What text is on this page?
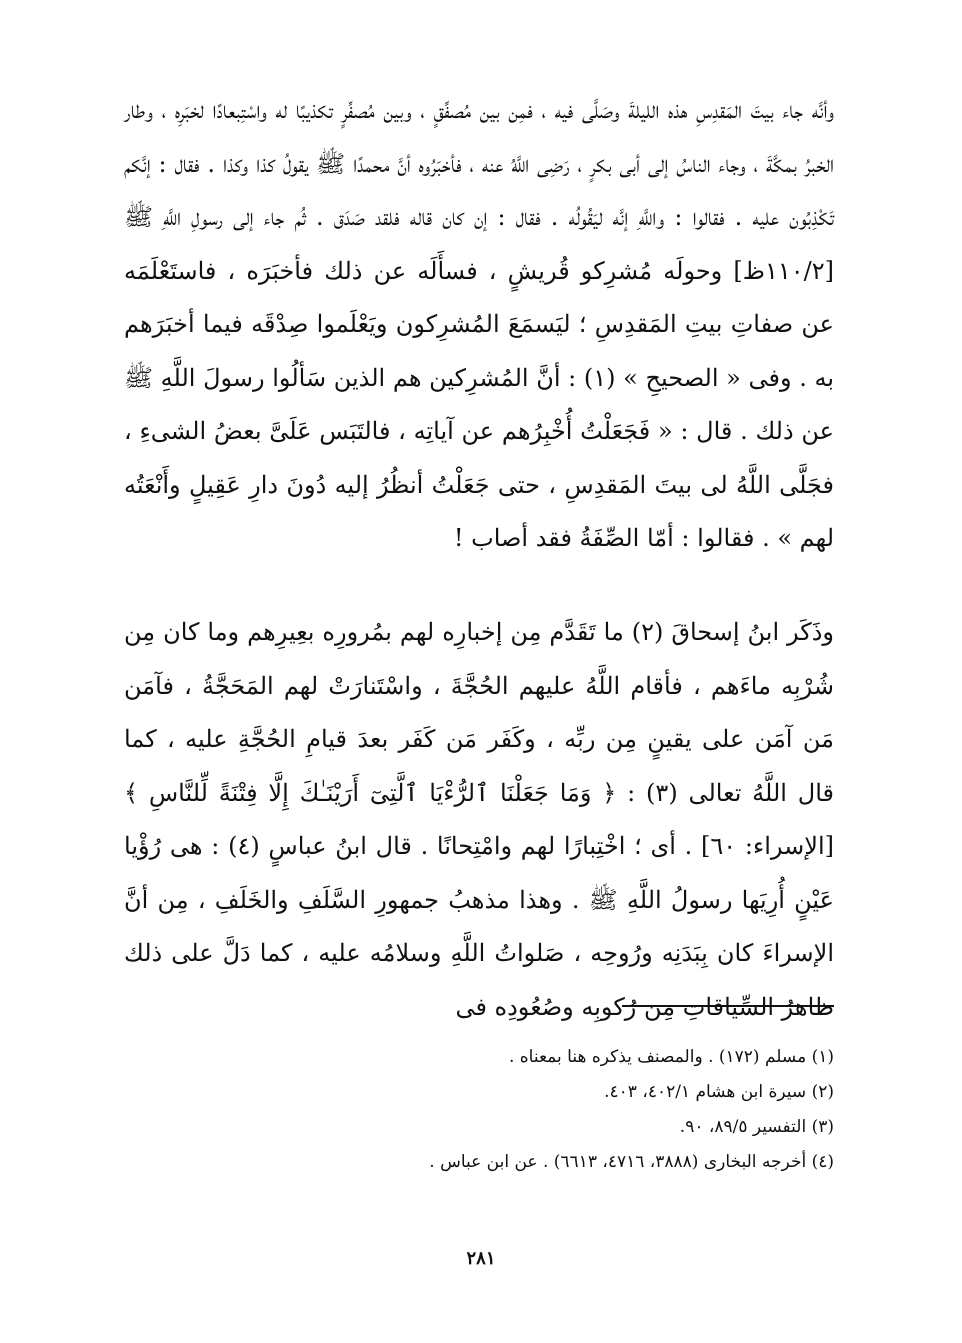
وأنَّه جاء بيتَ المَقدِسِ هذه الليلةَ وصَلَّى فيه ، فمِن بين مُصفِّقٍ ، وبين مُصفِّرٍ تكذيبًا له واسْتِبعادًا لخبَرِه ، وطار الخبرُ بمكَّةَ ، وجاء الناسُ إلى أبى بكرٍ ، رَضِى اللَّهُ عنه ، فأخبَرُوه أنَّ محمدًا ﷺ يقولُ كذا وكذا . فقال : إنَّكم تَكْذِبُون عليه . فقالوا : واللَّهِ إنَّه ليَقُولُه . فقال : إن كان قاله فلقد صَدَق . ثُم جاء إلى رسولِ اللَّهِ ﷺ [١١٠/٢ظ] وحولَه مُشرِكو قُريشٍ ، فسأَلَه عن ذلك فأخبَرَه ، فاستَعْلَمَه عن صفاتِ بيتِ المَقدِسِ ؛ ليَسمَعَ المُشرِكون ويَعْلَموا صِدْقَه فيما أخبَرَهم به . وفى « الصحيحِ » (١) : أنَّ المُشرِكين هم الذين سَألُوا رسولَ اللَّهِ ﷺ عن ذلك . قال : « فَجَعَلْتُ أُخْبِرُهم عن آياتِه ، فالتَبَس عَلَىَّ بعضُ الشىءِ ، فجَلَّى اللَّهُ لى بيتَ المَقدِسِ ، حتى جَعَلْتُ أنظُرُ إليه دُونَ دارِ عَقِيلٍ وأَنْعَتُه لهم » . فقالوا : أمّا الصِّفَةُ فقد أصاب !

وذَكَر ابنُ إسحاقَ (٢) ما تَقَدَّم مِن إخبارِه لهم بمُرورِه بعِيرِهم وما كان مِن شُرْبِه ماءَهم ، فأقام اللَّهُ عليهم الحُجَّةَ ، واسْتَنارَتْ لهم المَحَجَّةُ ، فآمَن مَن آمَن على يقينٍ مِن ربِّه ، وكَفَر مَن كَفَر بعدَ قيامِ الحُجَّةِ عليه ، كما قال اللَّهُ تعالى (٣) : ﴿ وَمَا جَعَلْنَا ٱلرُّءْيَا ٱلَّتِىٓ أَرَيْنَـٰكَ إِلَّا فِتْنَةً لِّلنَّاسِ ﴾ [الإسراء: ٦٠] . أى ؛ اخْتِبارًا لهم وامْتِحانًا . قال ابنُ عباسٍ (٤) : هى رُؤْيا عَيْنٍ أُرِيَها رسولُ اللَّهِ ﷺ . وهذا مذهبُ جمهورِ السَّلَفِ والخَلَفِ ، مِن أنَّ الإسراءَ كان بِبَدَنِه ورُوحِه ، صَلواتُ اللَّهِ وسلامُه عليه ، كما دَلَّ على ذلك ظاهرُ السِّياقاتِ مِن رُكوبِه وصُعُودِه فى

(١) مسلم (١٧٢) . والمصنف يذكره هنا بمعناه .
(٢) سيرة ابن هشام ٤٠٢/١، ٤٠٣.
(٣) التفسير ٨٩/٥، ٩٠.
(٤) أخرجه البخارى (٣٨٨٨، ٤٧١٦، ٦٦١٣) . عن ابن عباس .
٢٨١
